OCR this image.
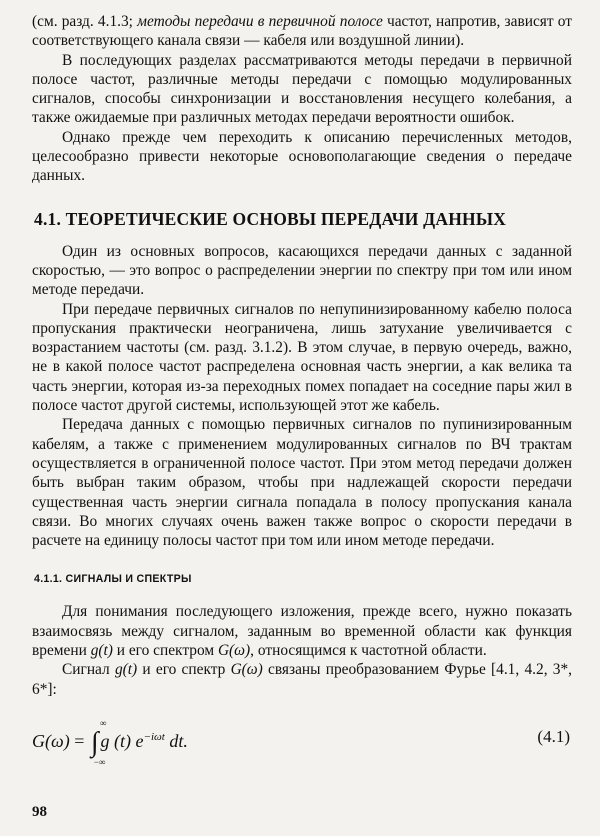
(см. разд. 4.1.3; методы передачи в первичной полосе частот, напротив, зависят от соответствующего канала связи — кабеля или воздушной линии).

В последующих разделах рассматриваются методы передачи в первичной полосе частот, различные методы передачи с помощью модулированных сигналов, способы синхронизации и восстановления несущего колебания, а также ожидаемые при различных методах передачи вероятности ошибок.

Однако прежде чем переходить к описанию перечисленных методов, целесообразно привести некоторые основополагающие сведения о передаче данных.

4.1. ТЕОРЕТИЧЕСКИЕ ОСНОВЫ ПЕРЕДАЧИ ДАННЫХ

Один из основных вопросов, касающихся передачи данных с заданной скоростью, — это вопрос о распределении энергии по спектру при том или ином методе передачи.

При передаче первичных сигналов по непупинизированному кабелю полоса пропускания практически неограничена, лишь затухание увеличивается с возрастанием частоты (см. разд. 3.1.2). В этом случае, в первую очередь, важно, не в какой полосе частот распределена основная часть энергии, а как велика та часть энергии, которая из-за переходных помех попадает на соседние пары жил в полосе частот другой системы, использующей этот же кабель.

Передача данных с помощью первичных сигналов по пупинизированным кабелям, а также с применением модулированных сигналов по ВЧ трактам осуществляется в ограниченной полосе частот. При этом метод передачи должен быть выбран таким образом, чтобы при надлежащей скорости передачи существенная часть энергии сигнала попадала в полосу пропускания канала связи. Во многих случаях очень важен также вопрос о скорости передачи в расчете на единицу полосы частот при том или ином методе передачи.

4.1.1. СИГНАЛЫ И СПЕКТРЫ

Для понимания последующего изложения, прежде всего, нужно показать взаимосвязь между сигналом, заданным во временной области как функция времени g(t) и его спектром G(ω), относящимся к частотной области.

Сигнал g(t) и его спектр G(ω) связаны преобразованием Фурье [4.1, 4.2, 3*, 6*]:

G(ω) = ∫
∞
−∞
g (t) $e^{-i\omega t}$ dt.	(4.1)
98
